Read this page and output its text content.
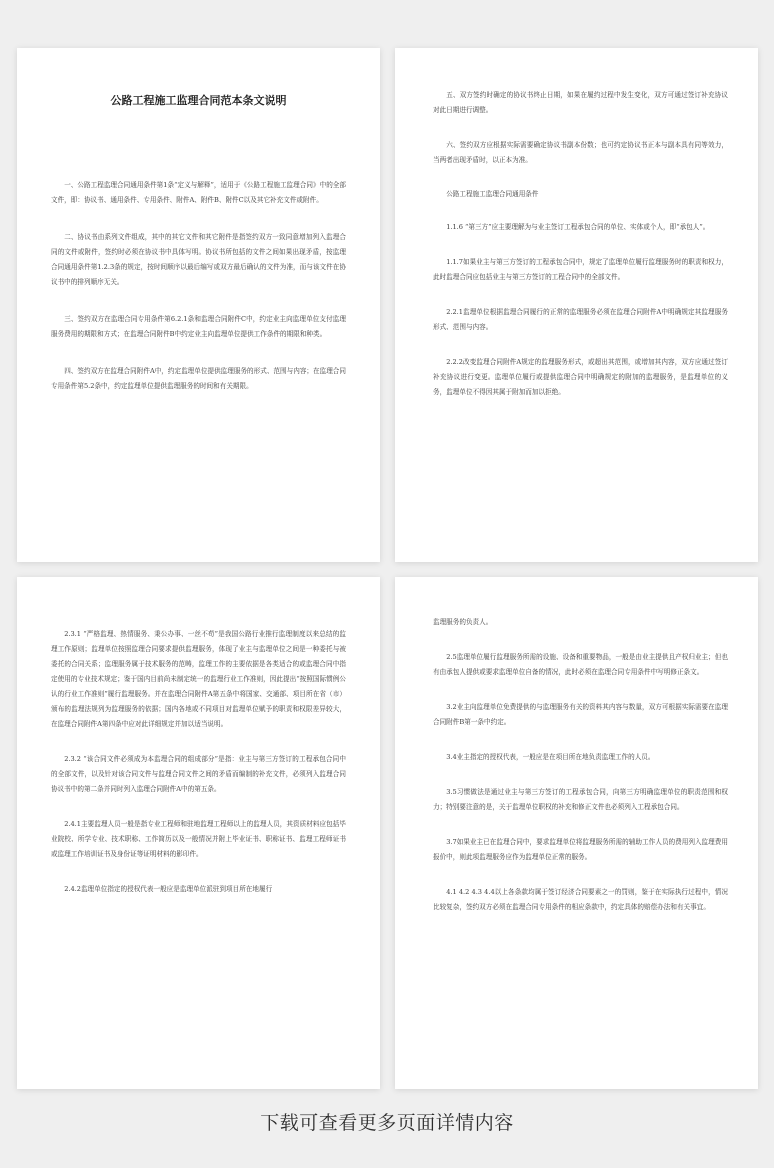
公路工程施工监理合同范本条文说明

一、公路工程监理合同通用条件第1条“定义与解释”，适用于《公路工程施工监理合同》中的全部文件，即：协议书、通用条件、专用条件、附件A、附件B、附件C以及其它补充文件或附件。

二、协议书由系列文件组成，其中的其它文件和其它附件是指签约双方一致同意增加列入监理合同的文件或附件，签约时必须在协议书中具体写明。协议书所包括的文件之间如果出现矛盾，按监理合同通用条件第1.2.3条的规定，按时间顺序以最后编写或双方最后确认的文件为准，而与该文件在协议书中的排列顺序无关。

三、签约双方在监理合同专用条件第6.2.1条和监理合同附件C中，约定业主向监理单位支付监理服务费用的期限和方式；在监理合同附件B中约定业主向监理单位提供工作条件的期限和种类。

四、签约双方在监理合同附件A中，约定监理单位提供监理服务的形式、范围与内容；在监理合同专用条件第5.2条中，约定监理单位提供监理服务的时间和有关期限。

五、双方签约时确定的协议书终止日期，如果在履约过程中发生变化，双方可通过签订补充协议对此日期进行调整。

六、签约双方应根据实际需要确定协议书副本份数；也可约定协议书正本与副本具有同等效力，当两者出现矛盾时，以正本为准。

公路工程施工监理合同通用条件

1.1.6 “第三方”应主要理解为与业主签订工程承包合同的单位、实体或个人，即“承包人”。

1.1.7如果业主与第三方签订的工程承包合同中，规定了监理单位履行监理服务时的职责和权力，此时监理合同应包括业主与第三方签订的工程合同中的全部文件。

2.2.1监理单位根据监理合同履行的正常的监理服务必须在监理合同附件A中明确规定其监理服务形式、范围与内容。

2.2.2改变监理合同附件A规定的监理服务形式，或超出其范围，或增加其内容，双方应通过签订补充协议进行变更。监理单位履行或提供监理合同中明确规定的附加的监理服务，是监理单位的义务，监理单位不得因其属于附加而加以拒绝。

2.3.1 “严格监理、热情服务、秉公办事、一丝不苟”是我国公路行业推行监理制度以来总结的监理工作原则；监理单位按照监理合同要求提供监理服务，体现了业主与监理单位之间是一种委托与被委托的合同关系；监理服务属于技术服务的范畴，监理工作的主要依据是各类适合的或监理合同中指定使用的专业技术规定；鉴于国内目前尚未制定统一的监理行业工作准则，因此提出“按照国际惯例公认的行业工作准则”履行监理服务。并在监理合同附件A第五条中将国家、交通部、项目所在省（市）颁布的监理法规列为监理服务的依据；国内各地或不同项目对监理单位赋予的职责和权限差异较大，在监理合同附件A第四条中应对此详细规定并加以适当说明。

2.3.2 “该合同文件必须成为本监理合同的组成部分”是指：业主与第三方签订的工程承包合同中的全部文件，以及针对该合同文件与监理合同文件之间的矛盾而编制的补充文件，必须列入监理合同协议书中的第二条并同时列入监理合同附件A中的第五条。

2.4.1主要监理人员一般是指专业工程师和驻地监理工程师以上的监理人员，其资质材料应包括毕业院校、所学专业、技术职称、工作简历以及一般情况并附上毕业证书、职称证书、监理工程师证书或监理工作培训证书及身份证等证明材料的影印件。

2.4.2监理单位指定的授权代表一般应是监理单位派驻到项目所在地履行

监理服务的负责人。

2.5监理单位履行监理服务所需的设施、设备和重要物品，一般是由业主提供且产权归业主；但也有由承包人提供或要求监理单位自备的情况，此时必须在监理合同专用条件中写明修正条文。

3.2业主向监理单位免费提供的与监理服务有关的资料其内容与数量，双方可根据实际需要在监理合同附件B第一条中约定。

3.4业主指定的授权代表，一般应是在项目所在地负责监理工作的人员。

3.5习惯做法是通过业主与第三方签订的工程承包合同，向第三方明确监理单位的职责范围和权力；特别要注意的是，关于监理单位职权的补充和修正文件也必须列入工程承包合同。

3.7如果业主已在监理合同中，要求监理单位将监理服务所需的辅助工作人员的费用列入监理费用报价中，则此项监理服务应作为监理单位正常的服务。

4.1 4.2 4.3 4.4以上各条款均属于签订经济合同要素之一的罚则，鉴于在实际执行过程中，情况比较复杂，签约双方必须在监理合同专用条件的相应条款中，约定具体的赔偿办法和有关事宜。

下载可查看更多页面详情内容
